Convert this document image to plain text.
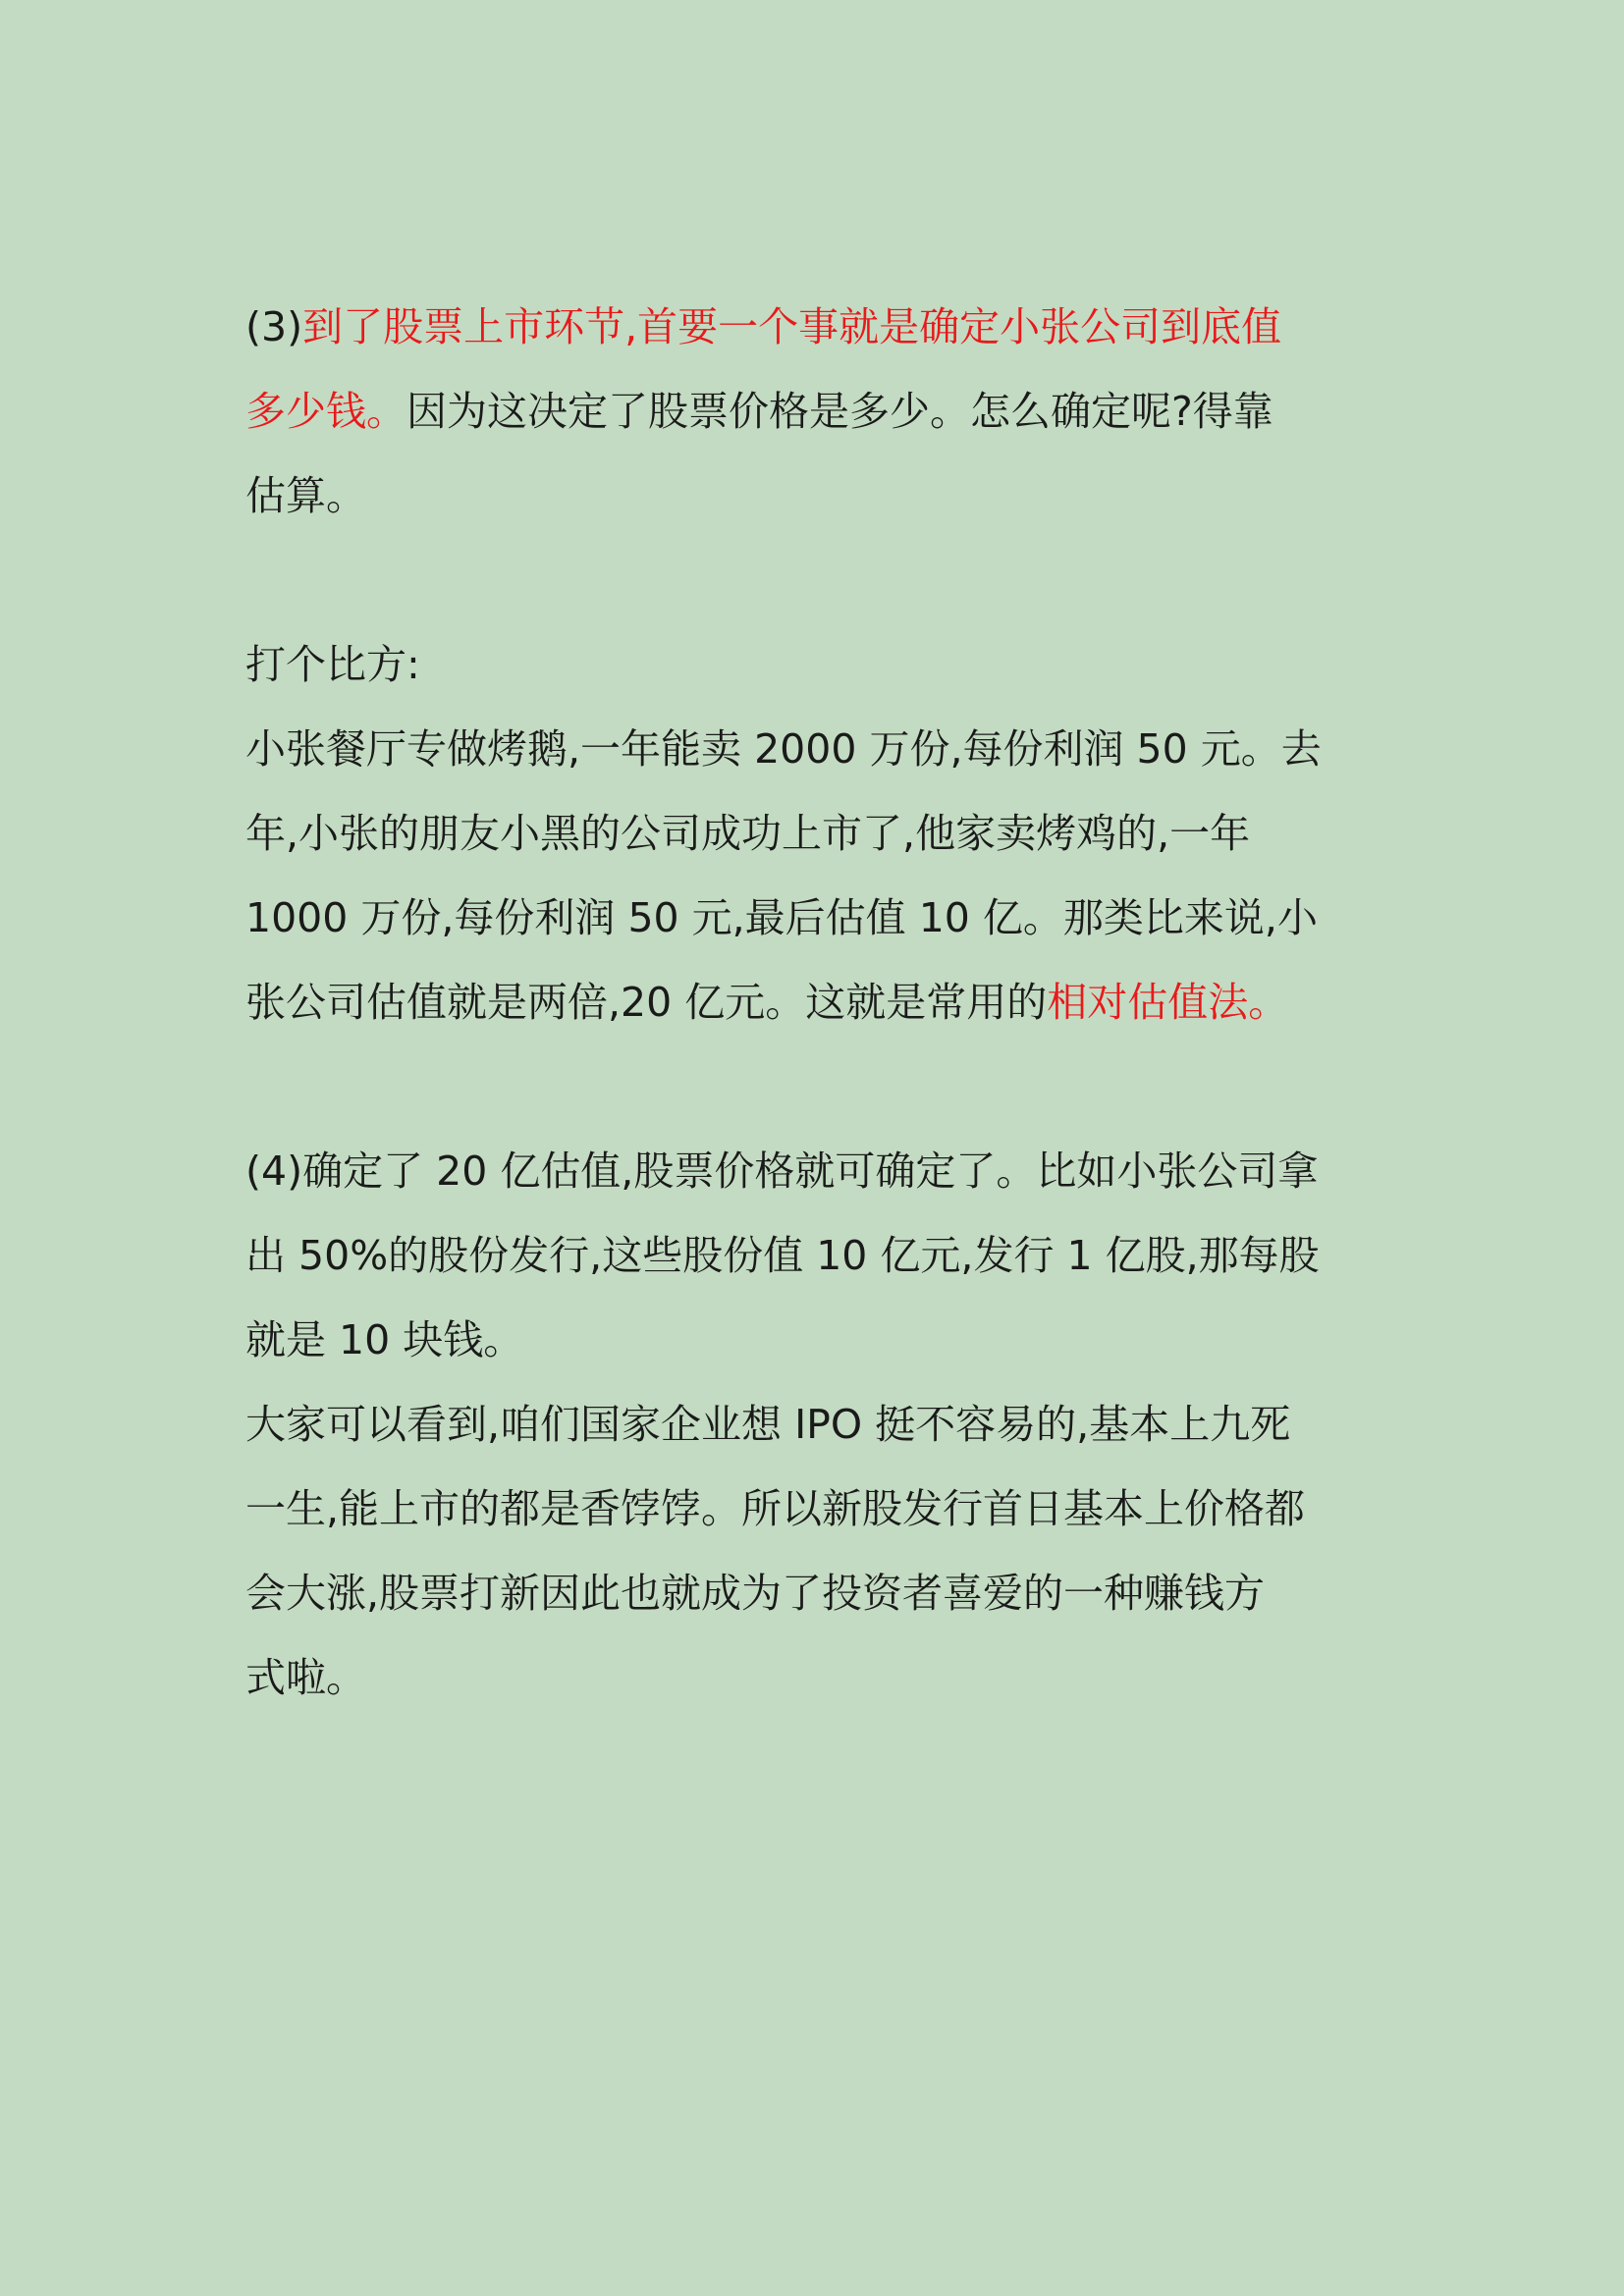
(3)到了股票上市环节,首要一个事就是确定小张公司到底值
多少钱。因为这决定了股票价格是多少。怎么确定呢?得靠
估算。
打个比方:
小张餐厅专做烤鹅,一年能卖 2000 万份,每份利润 50 元。去
年,小张的朋友小黑的公司成功上市了,他家卖烤鸡的,一年
1000 万份,每份利润 50 元,最后估值 10 亿。那类比来说,小
张公司估值就是两倍,20 亿元。这就是常用的相对估值法。
(4)确定了 20 亿估值,股票价格就可确定了。比如小张公司拿
出 50%的股份发行,这些股份值 10 亿元,发行 1 亿股,那每股
就是 10 块钱。
大家可以看到,咱们国家企业想 IPO 挺不容易的,基本上九死
一生,能上市的都是香饽饽。所以新股发行首日基本上价格都
会大涨,股票打新因此也就成为了投资者喜爱的一种赚钱方
式啦。
